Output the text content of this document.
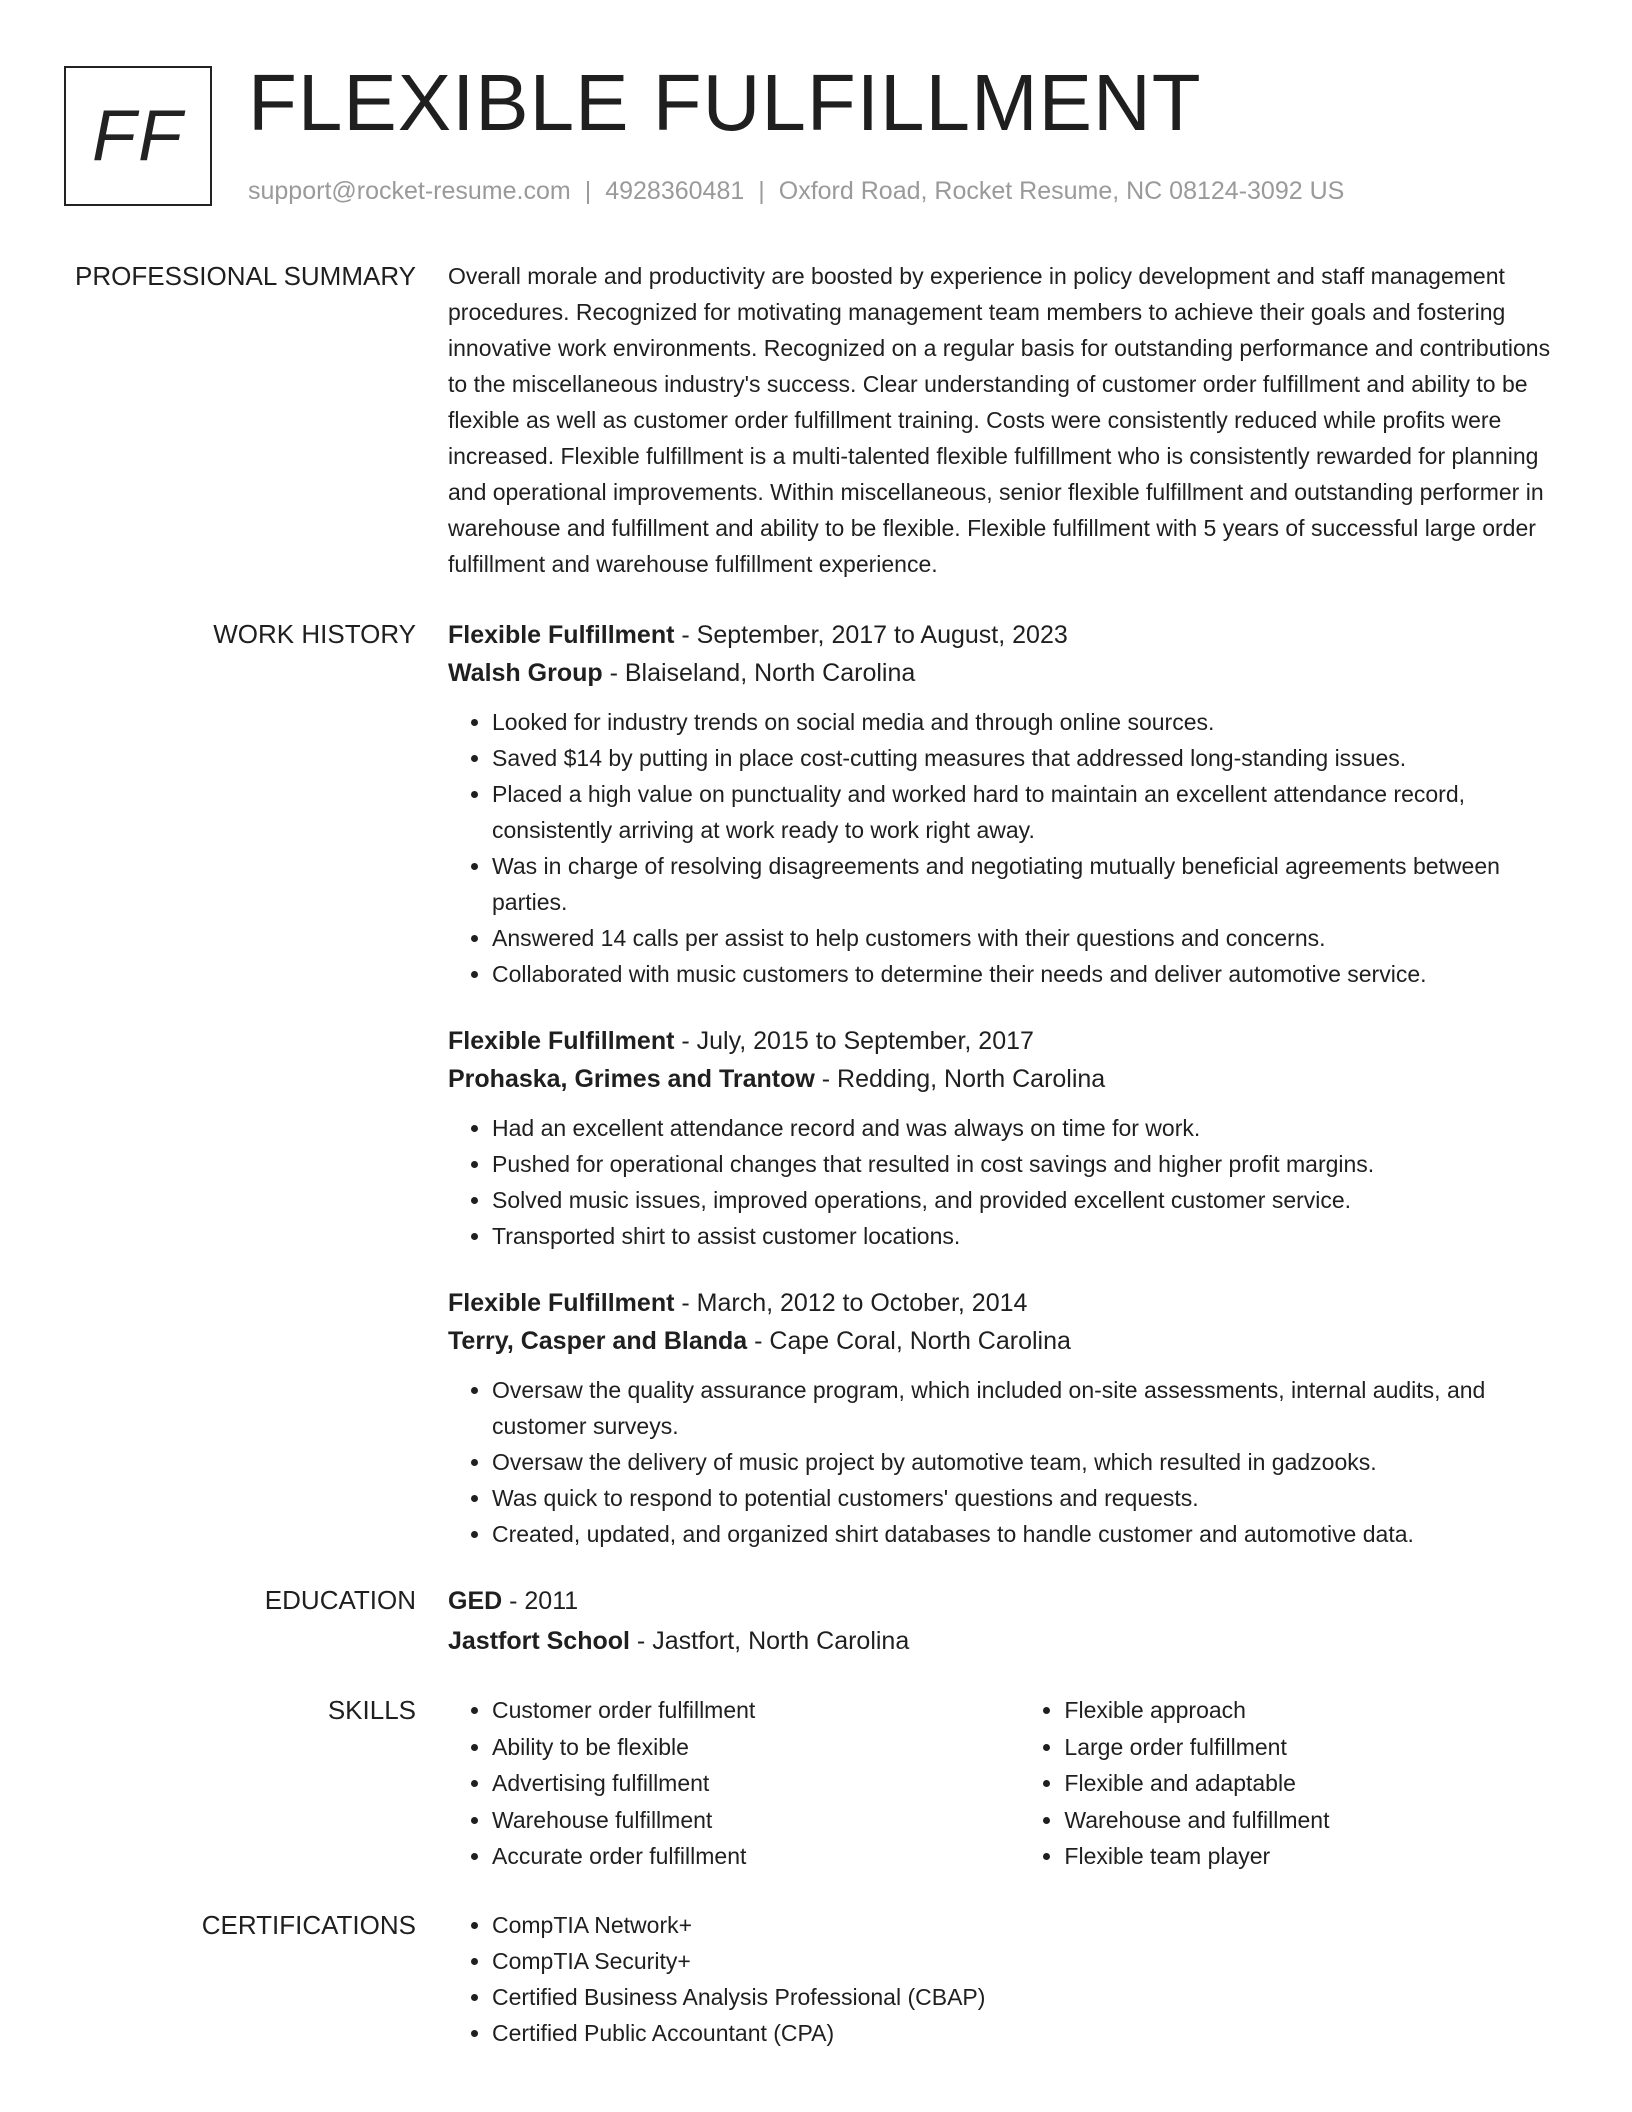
FF FLEXIBLE FULFILLMENT
support@rocket-resume.com | 4928360481 | Oxford Road, Rocket Resume, NC 08124-3092 US
PROFESSIONAL SUMMARY Overall morale and productivity are boosted by experience in policy development and staff management procedures. Recognized for motivating management team members to achieve their goals and fostering innovative work environments. Recognized on a regular basis for outstanding performance and contributions to the miscellaneous industry's success. Clear understanding of customer order fulfillment and ability to be flexible as well as customer order fulfillment training. Costs were consistently reduced while profits were increased. Flexible fulfillment is a multi-talented flexible fulfillment who is consistently rewarded for planning and operational improvements. Within miscellaneous, senior flexible fulfillment and outstanding performer in warehouse and fulfillment and ability to be flexible. Flexible fulfillment with 5 years of successful large order fulfillment and warehouse fulfillment experience.

WORK HISTORY Flexible Fulfillment - September, 2017 to August, 2023
Walsh Group - Blaiseland, North Carolina
• Looked for industry trends on social media and through online sources.
• Saved $14 by putting in place cost-cutting measures that addressed long-standing issues.
• Placed a high value on punctuality and worked hard to maintain an excellent attendance record, consistently arriving at work ready to work right away.
• Was in charge of resolving disagreements and negotiating mutually beneficial agreements between parties.
• Answered 14 calls per assist to help customers with their questions and concerns.
• Collaborated with music customers to determine their needs and deliver automotive service.
Flexible Fulfillment - July, 2015 to September, 2017
Prohaska, Grimes and Trantow - Redding, North Carolina
• Had an excellent attendance record and was always on time for work.
• Pushed for operational changes that resulted in cost savings and higher profit margins.
• Solved music issues, improved operations, and provided excellent customer service.
• Transported shirt to assist customer locations.
Flexible Fulfillment - March, 2012 to October, 2014
Terry, Casper and Blanda - Cape Coral, North Carolina
• Oversaw the quality assurance program, which included on-site assessments, internal audits, and customer surveys.
• Oversaw the delivery of music project by automotive team, which resulted in gadzooks.
• Was quick to respond to potential customers' questions and requests.
• Created, updated, and organized shirt databases to handle customer and automotive data.
EDUCATION GED - 2011
Jastfort School - Jastfort, North Carolina
SKILLS	• Customer order fulfillment
• Ability to be flexible
• Advertising fulfillment
• Warehouse fulfillment
• Accurate order fulfillment
• Flexible approach
• Large order fulfillment
• Flexible and adaptable
• Warehouse and fulfillment
• Flexible team player
CERTIFICATIONS	• CompTIA Network+
• CompTIA Security+
• Certified Business Analysis Professional (CBAP)
• Certified Public Accountant (CPA)
